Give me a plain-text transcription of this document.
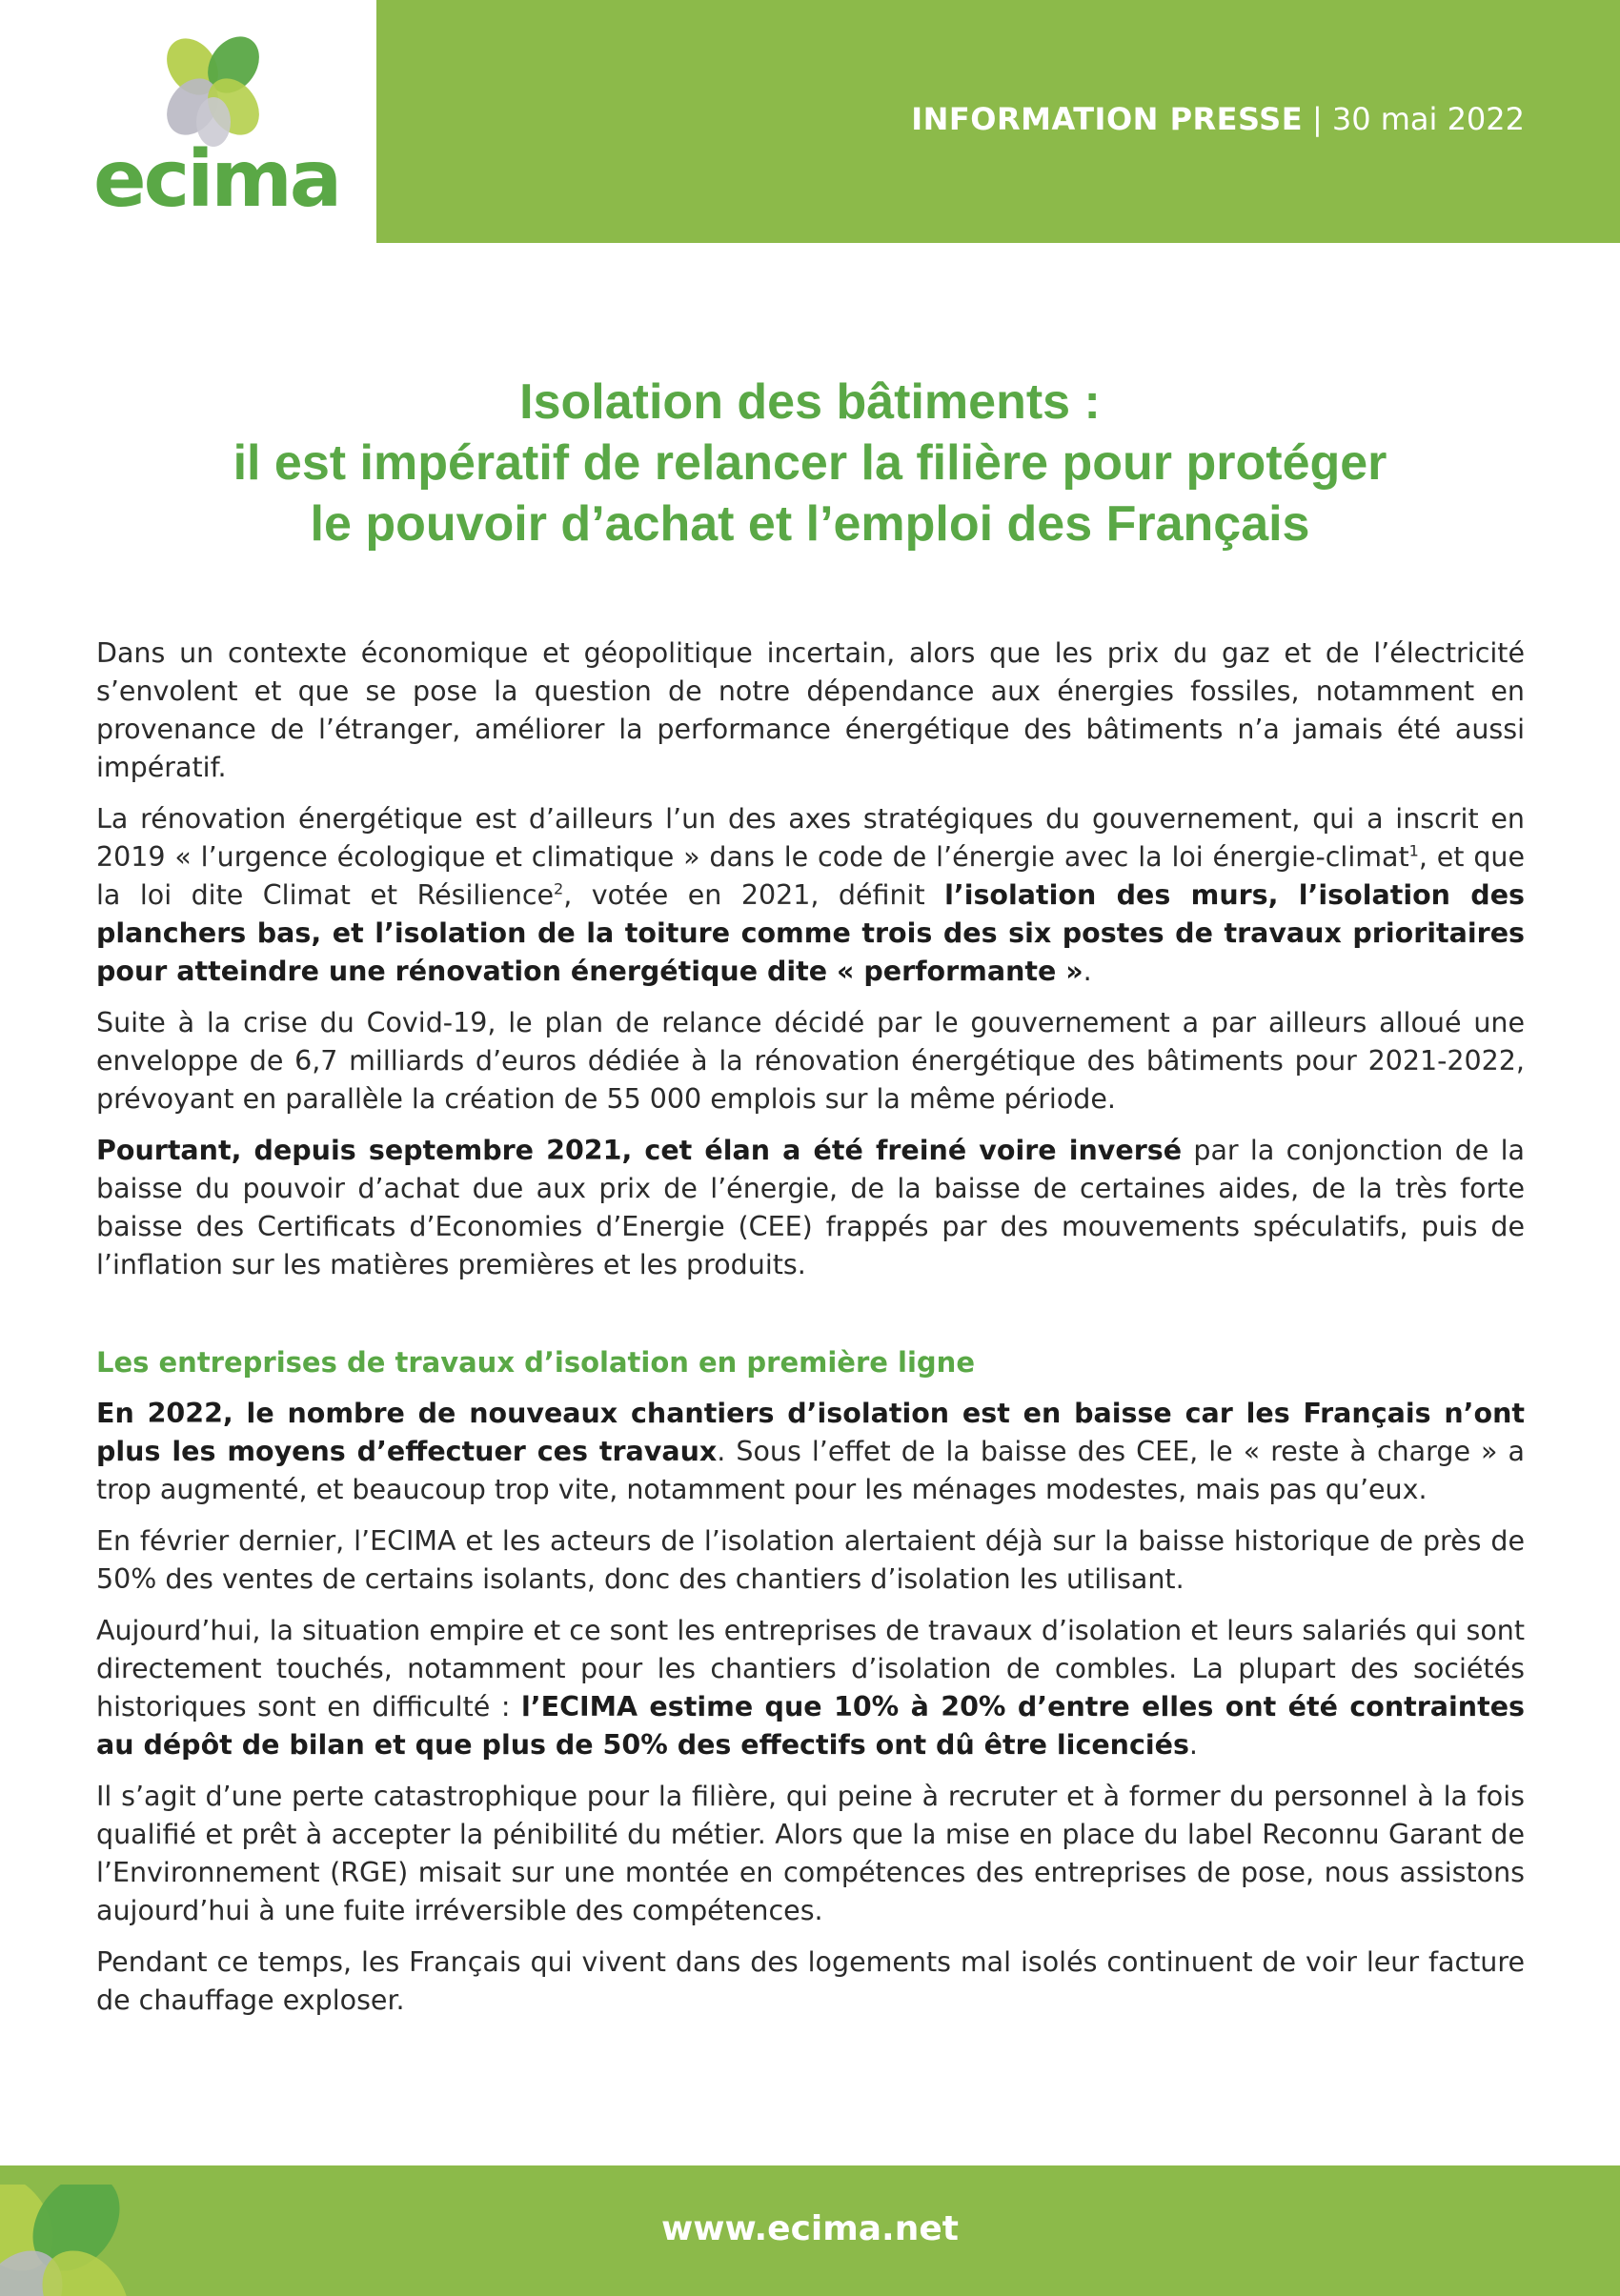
ecima
INFORMATION PRESSE | 30 mai 2022
Isolation des bâtiments :
il est impératif de relancer la filière pour protéger
le pouvoir d’achat et l’emploi des Français

Dans un contexte économique et géopolitique incertain, alors que les prix du gaz et de l’électricité s’envolent et que se pose la question de notre dépendance aux énergies fossiles, notamment en provenance de l’étranger, améliorer la performance énergétique des bâtiments n’a jamais été aussi impératif.

La rénovation énergétique est d’ailleurs l’un des axes stratégiques du gouvernement, qui a inscrit en 2019 « l’urgence écologique et climatique » dans le code de l’énergie avec la loi énergie-climat$^1$, et que la loi dite Climat et Résilience$^2$, votée en 2021, définit l’isolation des murs, l’isolation des planchers bas, et l’isolation de la toiture comme trois des six postes de travaux prioritaires pour atteindre une rénovation énergétique dite « performante ».

Suite à la crise du Covid-19, le plan de relance décidé par le gouvernement a par ailleurs alloué une enveloppe de 6,7 milliards d’euros dédiée à la rénovation énergétique des bâtiments pour 2021-2022, prévoyant en parallèle la création de 55 000 emplois sur la même période.

Pourtant, depuis septembre 2021, cet élan a été freiné voire inversé par la conjonction de la baisse du pouvoir d’achat due aux prix de l’énergie, de la baisse de certaines aides, de la très forte baisse des Certificats d’Economies d’Energie (CEE) frappés par des mouvements spéculatifs, puis de l’inflation sur les matières premières et les produits.

Les entreprises de travaux d’isolation en première ligne

En 2022, le nombre de nouveaux chantiers d’isolation est en baisse car les Français n’ont plus les moyens d’effectuer ces travaux. Sous l’effet de la baisse des CEE, le « reste à charge » a trop augmenté, et beaucoup trop vite, notamment pour les ménages modestes, mais pas qu’eux.

En février dernier, l’ECIMA et les acteurs de l’isolation alertaient déjà sur la baisse historique de près de 50% des ventes de certains isolants, donc des chantiers d’isolation les utilisant.

Aujourd’hui, la situation empire et ce sont les entreprises de travaux d’isolation et leurs salariés qui sont directement touchés, notamment pour les chantiers d’isolation de combles. La plupart des sociétés historiques sont en difficulté : l’ECIMA estime que 10% à 20% d’entre elles ont été contraintes au dépôt de bilan et que plus de 50% des effectifs ont dû être licenciés.

Il s’agit d’une perte catastrophique pour la filière, qui peine à recruter et à former du personnel à la fois qualifié et prêt à accepter la pénibilité du métier. Alors que la mise en place du label Reconnu Garant de l’Environnement (RGE) misait sur une montée en compétences des entreprises de pose, nous assistons aujourd’hui à une fuite irréversible des compétences.

Pendant ce temps, les Français qui vivent dans des logements mal isolés continuent de voir leur facture de chauffage exploser.

www.ecima.net
